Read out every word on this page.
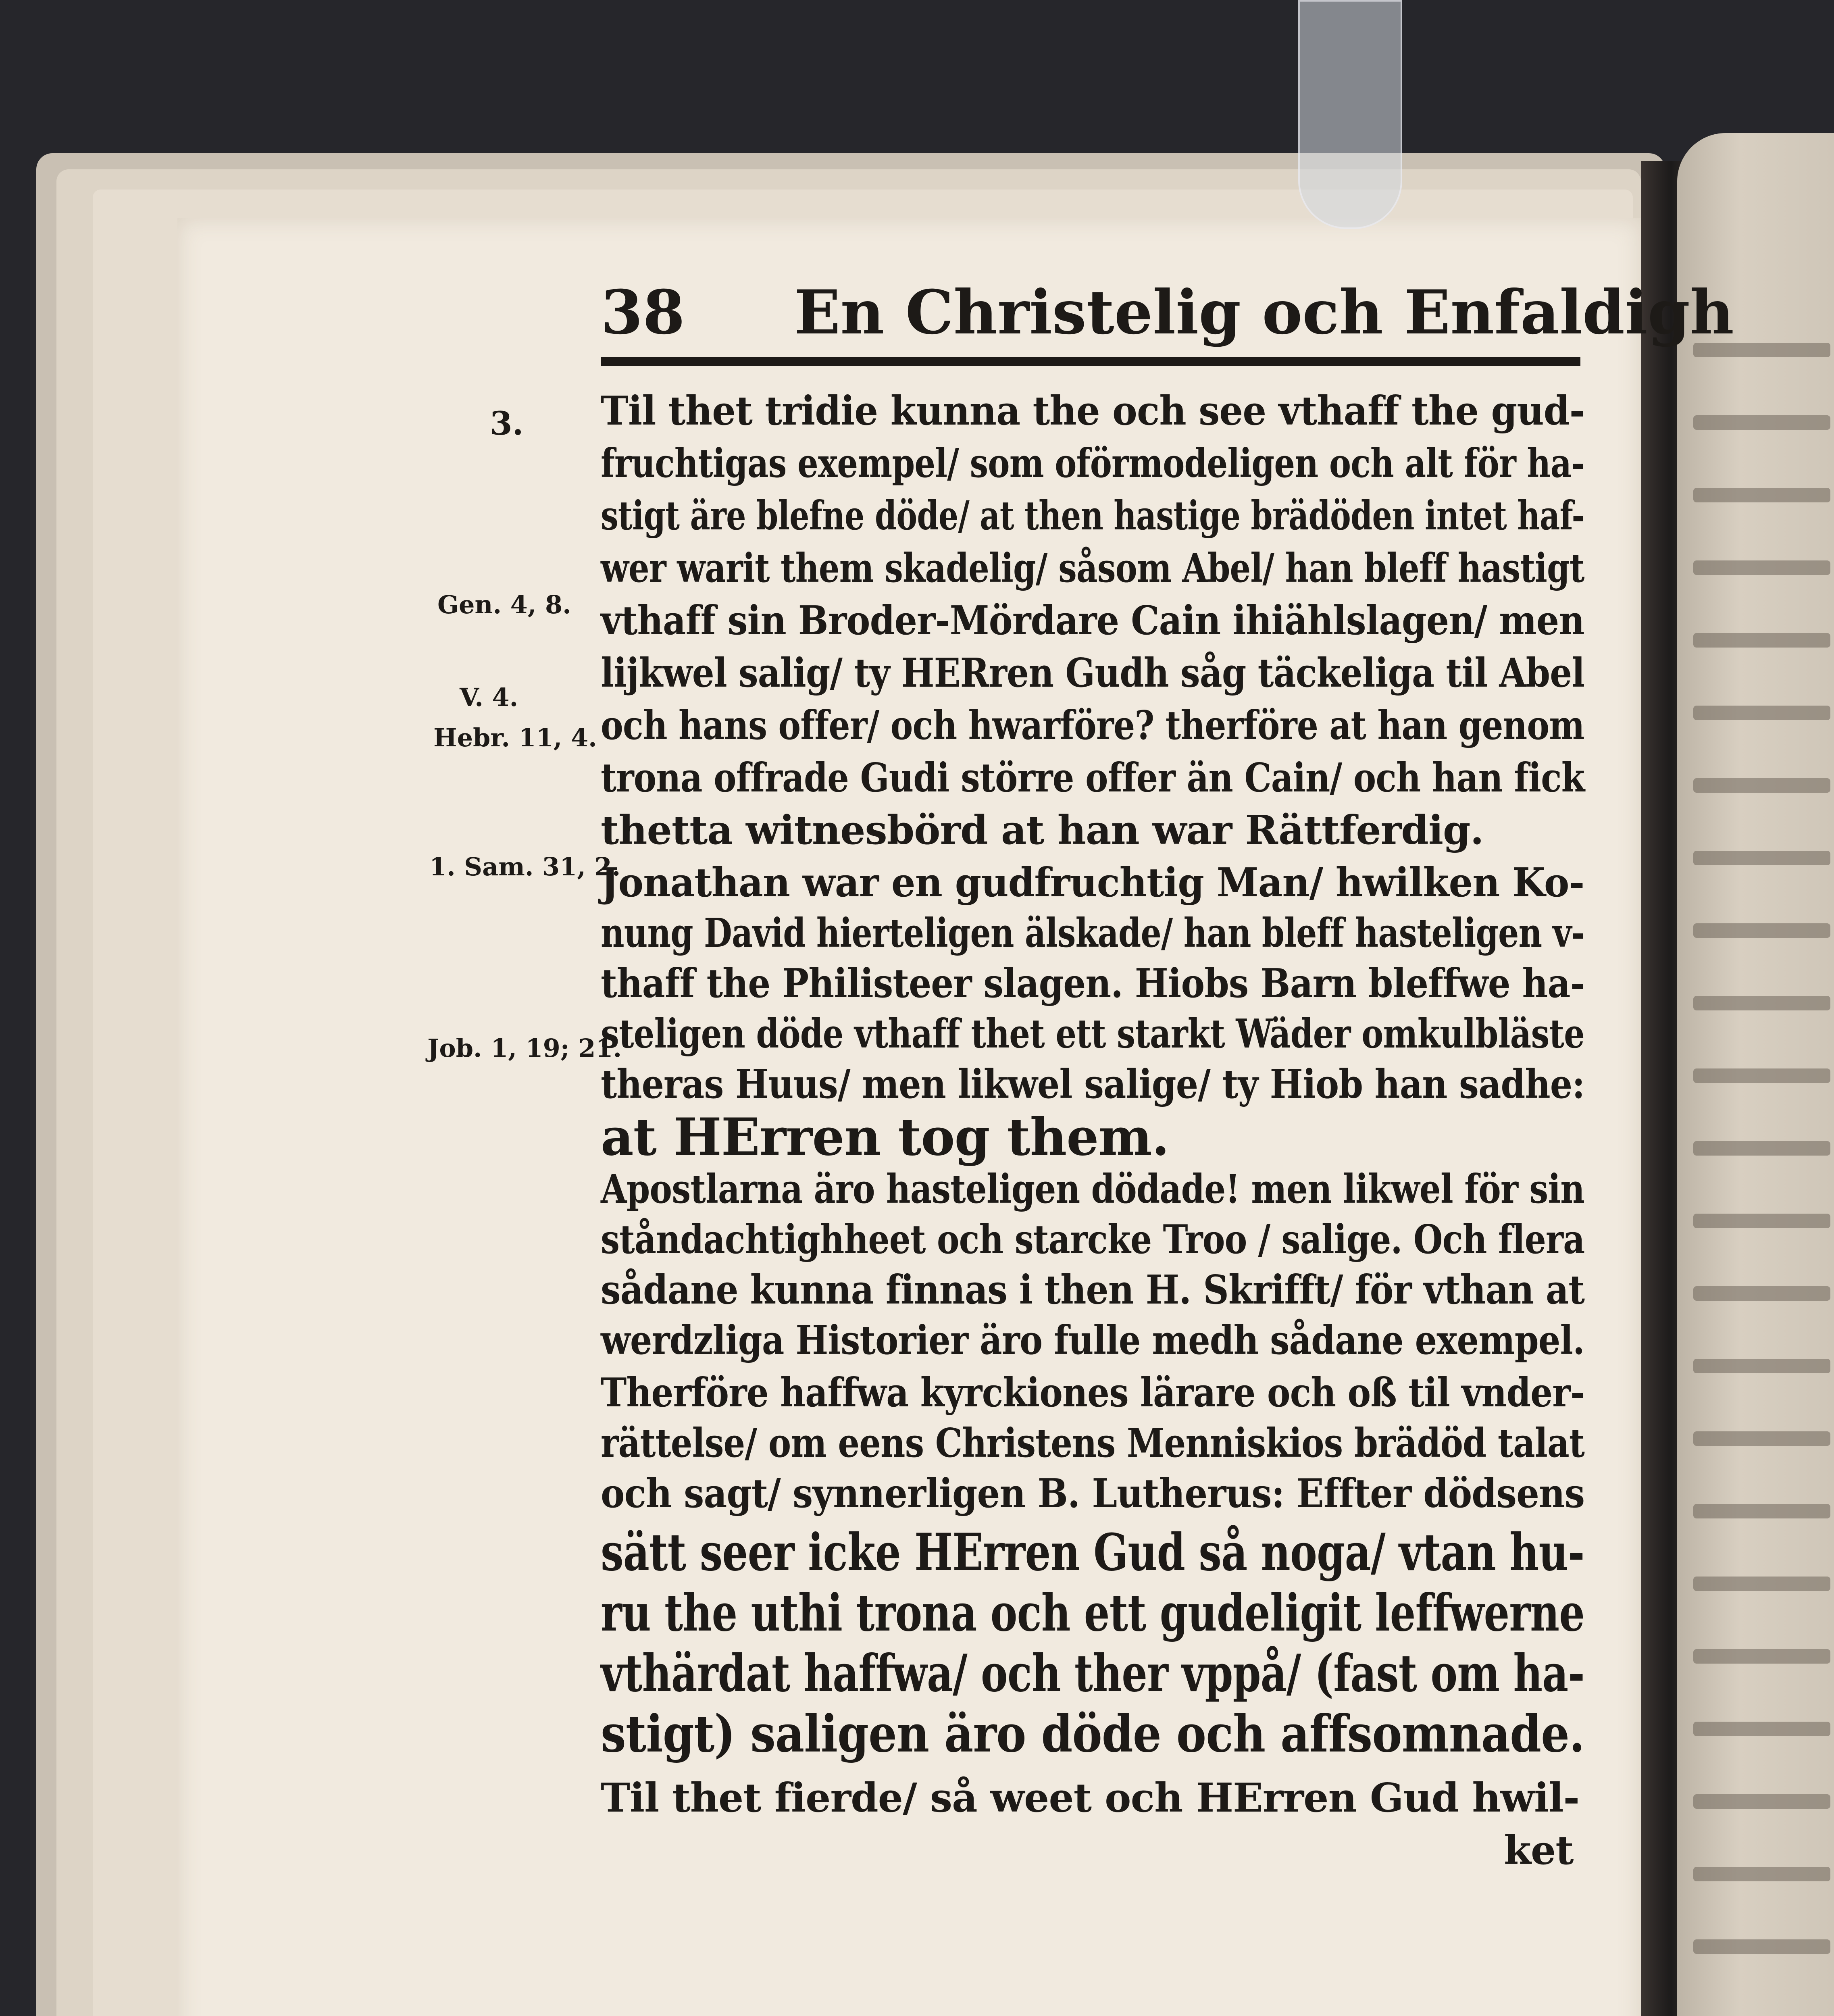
38 En Christelig och Enfaldigh
3.
Gen. 4, 8.
V. 4.
Hebr. 11, 4.
1. Sam. 31, 2.
Job. 1, 19; 21.
Til thet tridie kunna the och see vthaff the gud-
fruchtigas exempel/ som oförmodeligen och alt för ha-
stigt äre blefne döde/ at then hastige brädöden intet haf-
wer warit them skadelig/ såsom Abel/ han bleff hastigt
vthaff sin Broder-Mördare Cain ihiählslagen/ men
lijkwel salig/ ty HERren Gudh såg täckeliga til Abel
och hans offer/ och hwarföre? therföre at han genom
trona offrade Gudi större offer än Cain/ och han fick
thetta witnesbörd at han war Rättferdig.
Jonathan war en gudfruchtig Man/ hwilken Ko-
nung David hierteligen älskade/ han bleff hasteligen v-
thaff the Philisteer slagen. Hiobs Barn bleffwe ha-
steligen döde vthaff thet ett starkt Wäder omkulbläste
theras Huus/ men likwel salige/ ty Hiob han sadhe:
at HErren tog them.
Apostlarna äro hasteligen dödade! men likwel för sin
ståndachtighheet och starcke Troo / salige. Och flera
sådane kunna finnas i then H. Skrifft/ för vthan at
werdzliga Historier äro fulle medh sådane exempel.
Therföre haffwa kyrckiones lärare och oß til vnder-
rättelse/ om eens Christens Menniskios brädöd talat
och sagt/ synnerligen B. Lutherus: Effter dödsens
sätt seer icke HErren Gud så noga/ vtan hu-
ru the uthi trona och ett gudeligit leffwerne
vthärdat haffwa/ och ther vppå/ (fast om ha-
stigt) saligen äro döde och affsomnade.
Til thet fierde/ så weet och HErren Gud hwil-
ket
